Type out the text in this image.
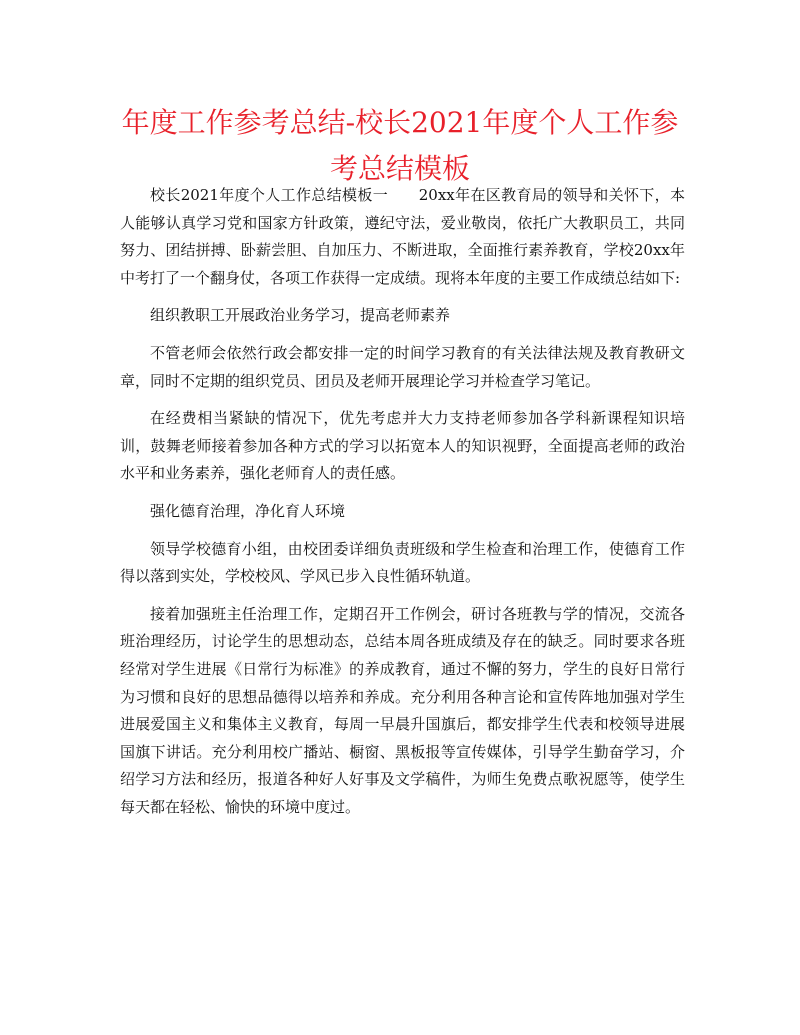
年度工作参考总结-校长2021年度个人工作参考总结模板

校长2021年度个人工作总结模板一　　20xx年在区教育局的领导和关怀下，本人能够认真学习党和国家方针政策，遵纪守法，爱业敬岗，依托广大教职员工，共同努力、团结拼搏、卧薪尝胆、自加压力、不断进取，全面推行素养教育，学校20xx年中考打了一个翻身仗，各项工作获得一定成绩。现将本年度的主要工作成绩总结如下:

组织教职工开展政治业务学习，提高老师素养

不管老师会依然行政会都安排一定的时间学习教育的有关法律法规及教育教研文章，同时不定期的组织党员、团员及老师开展理论学习并检查学习笔记。

在经费相当紧缺的情况下，优先考虑并大力支持老师参加各学科新课程知识培训，鼓舞老师接着参加各种方式的学习以拓宽本人的知识视野，全面提高老师的政治水平和业务素养，强化老师育人的责任感。

强化德育治理，净化育人环境

领导学校德育小组，由校团委详细负责班级和学生检查和治理工作，使德育工作得以落到实处，学校校风、学风已步入良性循环轨道。

接着加强班主任治理工作，定期召开工作例会，研讨各班教与学的情况，交流各班治理经历，讨论学生的思想动态，总结本周各班成绩及存在的缺乏。同时要求各班经常对学生进展《日常行为标准》的养成教育，通过不懈的努力，学生的良好日常行为习惯和良好的思想品德得以培养和养成。充分利用各种言论和宣传阵地加强对学生进展爱国主义和集体主义教育，每周一早晨升国旗后，都安排学生代表和校领导进展国旗下讲话。充分利用校广播站、橱窗、黑板报等宣传媒体，引导学生勤奋学习，介绍学习方法和经历，报道各种好人好事及文学稿件，为师生免费点歌祝愿等，使学生每天都在轻松、愉快的环境中度过。
